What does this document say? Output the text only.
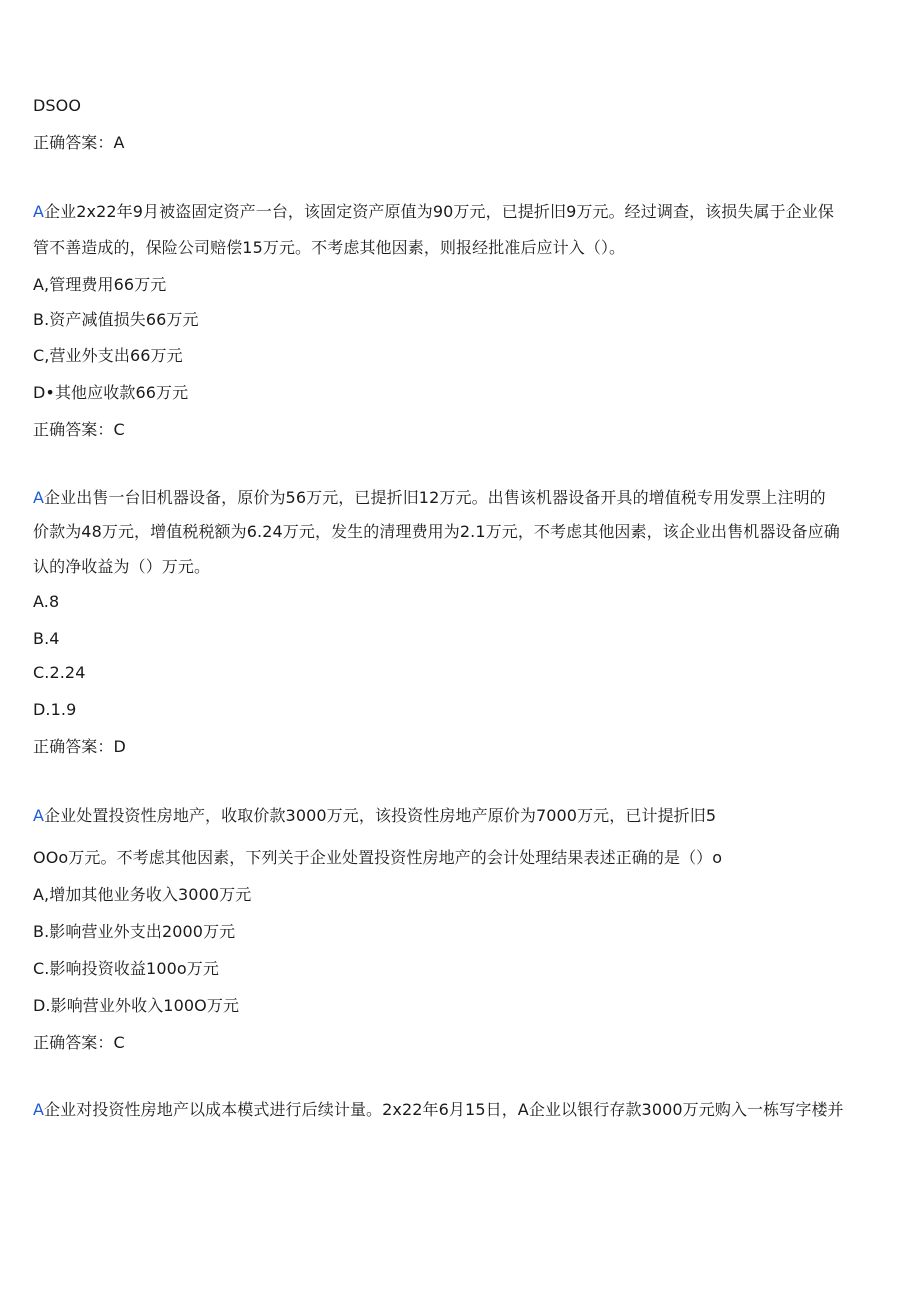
DSOO
正确答案：A
A企业2x22年9月被盗固定资产一台，该固定资产原值为90万元，已提折旧9万元。经过调查，该损失属于企业保
管不善造成的，保险公司赔偿15万元。不考虑其他因素，则报经批准后应计入（）。
A,管理费用66万元
B.资产减值损失66万元
C,营业外支出66万元
D•其他应收款66万元
正确答案：C
A企业出售一台旧机器设备，原价为56万元，已提折旧12万元。出售该机器设备开具的增值税专用发票上注明的
价款为48万元，增值税税额为6.24万元，发生的清理费用为2.1万元，不考虑其他因素，该企业出售机器设备应确
认的净收益为（）万元。
A.8
B.4
C.2.24
D.1.9
正确答案：D
A企业处置投资性房地产，收取价款3000万元，该投资性房地产原价为7000万元，已计提折旧5
OOo万元。不考虑其他因素，下列关于企业处置投资性房地产的会计处理结果表述正确的是（）o
A,增加其他业务收入3000万元
B.影响营业外支出2000万元
C.影响投资收益100o万元
D.影响营业外收入100O万元
正确答案：C
A企业对投资性房地产以成本模式进行后续计量。2x22年6月15日，A企业以银行存款3000万元购入一栋写字楼并
